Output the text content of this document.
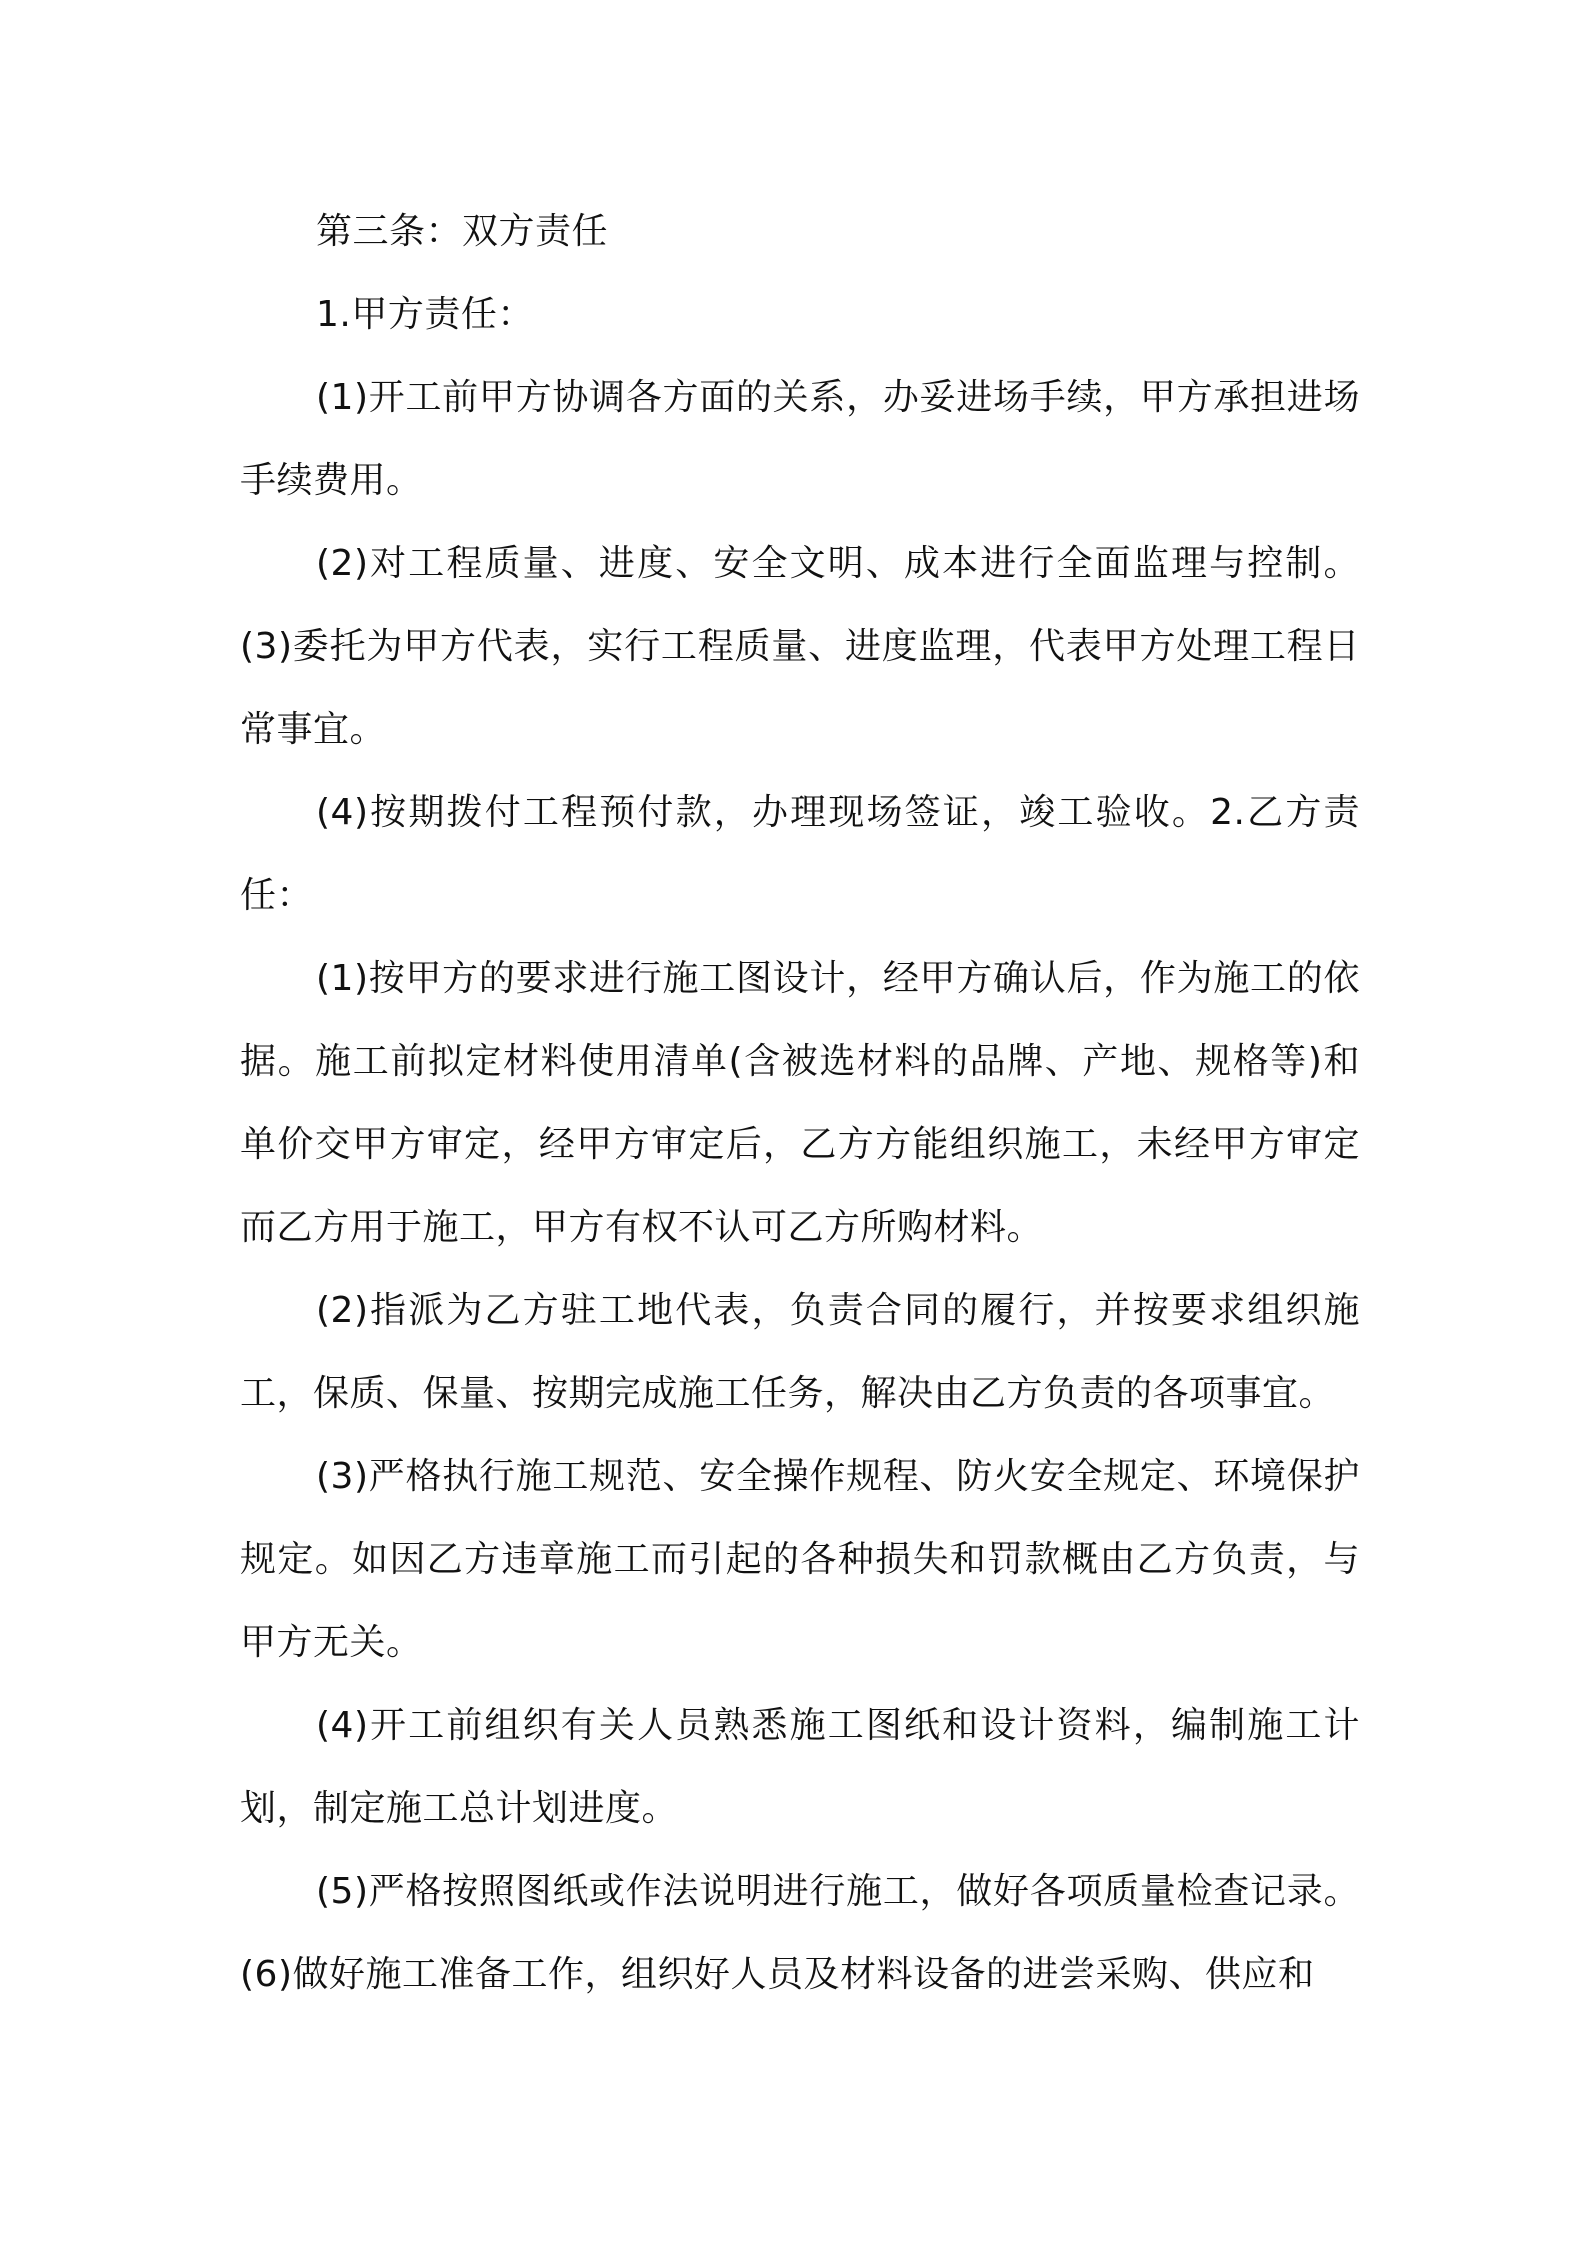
第三条：双方责任

1.甲方责任：

(1)开工前甲方协调各方面的关系，办妥进场手续，甲方承担进场手续费用。

(2)对工程质量、进度、安全文明、成本进行全面监理与控制。(3)委托为甲方代表，实行工程质量、进度监理，代表甲方处理工程日常事宜。

(4)按期拨付工程预付款，办理现场签证，竣工验收。2.乙方责任：

(1)按甲方的要求进行施工图设计，经甲方确认后，作为施工的依据。施工前拟定材料使用清单(含被选材料的品牌、产地、规格等)和单价交甲方审定，经甲方审定后，乙方方能组织施工，未经甲方审定而乙方用于施工，甲方有权不认可乙方所购材料。

(2)指派为乙方驻工地代表，负责合同的履行，并按要求组织施工，保质、保量、按期完成施工任务，解决由乙方负责的各项事宜。

(3)严格执行施工规范、安全操作规程、防火安全规定、环境保护规定。如因乙方违章施工而引起的各种损失和罚款概由乙方负责，与甲方无关。

(4)开工前组织有关人员熟悉施工图纸和设计资料，编制施工计划，制定施工总计划进度。

(5)严格按照图纸或作法说明进行施工，做好各项质量检查记录。(6)做好施工准备工作，组织好人员及材料设备的进尝采购、供应和
